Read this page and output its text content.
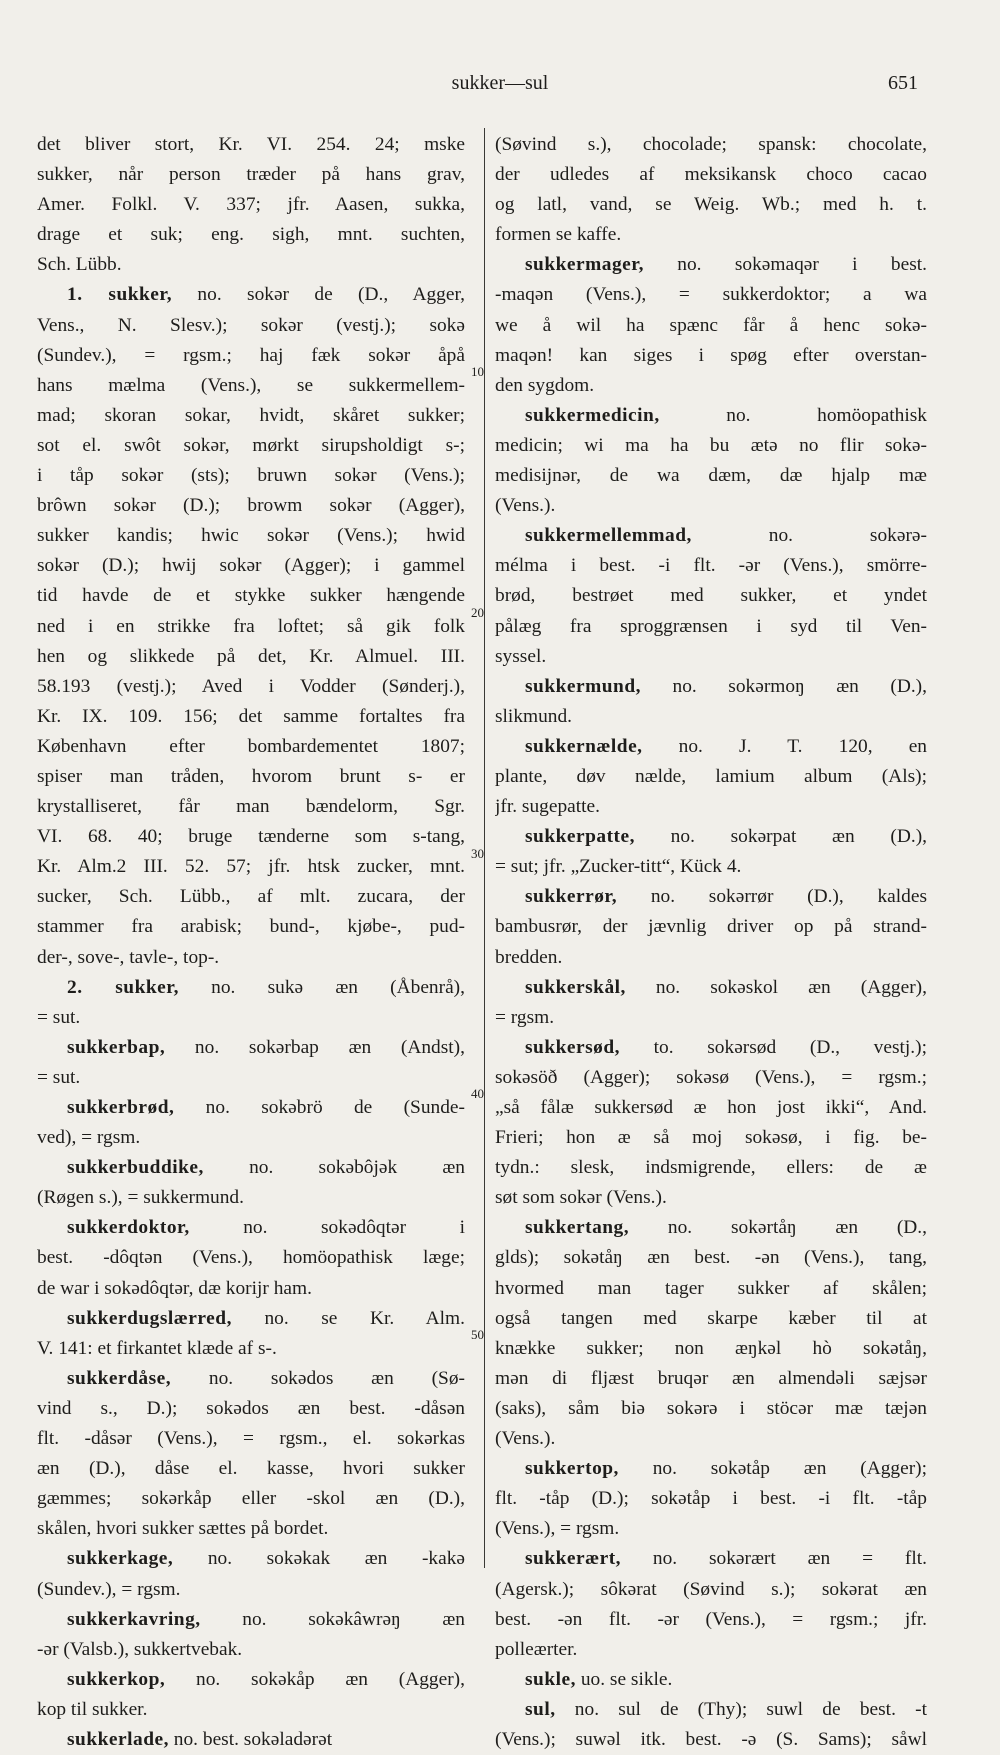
sukker—sul	651
det bliver stort, Kr. VI. 254. 24; mske
sukker, når person træder på hans grav,
Amer. Folkl. V. 337; jfr. Aasen, sukka,
drage et suk; eng. sigh, mnt. suchten,
Sch. Lübb.
1. sukker, no. sokər de (D., Agger,
Vens., N. Slesv.); sokər (vestj.); sokə
(Sundev.), = rgsm.; haj fæk sokər åpå
hans mælma (Vens.), se sukkermellem-
mad; skoran sokar, hvidt, skåret sukker;
sot el. swôt sokər, mørkt sirupsholdigt s-;
i tåp sokər (sts); bruwn sokər (Vens.);
brôwn sokər (D.); browm sokər (Agger),
sukker kandis; hwic sokər (Vens.); hwid
sokər (D.); hwij sokər (Agger); i gammel
tid havde de et stykke sukker hængende
ned i en strikke fra loftet; så gik folk
hen og slikkede på det, Kr. Almuel. III.
58.193 (vestj.); Aved i Vodder (Sønderj.),
Kr. IX. 109. 156; det samme fortaltes fra
København efter bombardementet 1807;
spiser man tråden, hvorom brunt s- er
krystalliseret, får man bændelorm, Sgr.
VI. 68. 40; bruge tænderne som s-tang,
Kr. Alm.2 III. 52. 57; jfr. htsk zucker, mnt.
sucker, Sch. Lübb., af mlt. zucara, der
stammer fra arabisk; bund-, kjøbe-, pud-
der-, sove-, tavle-, top-.
2. sukker, no. sukə æn (Åbenrå),
= sut.
sukkerbap, no. sokərbap æn (Andst),
= sut.
sukkerbrød, no. sokəbrö de (Sunde-
ved), = rgsm.
sukkerbuddike, no. sokəbôjək æn
(Røgen s.), = sukkermund.
sukkerdoktor, no. sokədôqtər i
best. -dôqtən (Vens.), homöopathisk læge;
de war i sokədôqtər, dæ korijr ham.
sukkerdugslærred, no. se Kr. Alm.
V. 141: et firkantet klæde af s-.
sukkerdåse, no. sokədos æn (Sø-
vind s., D.); sokədos æn best. -dåsən
flt. -dåsər (Vens.), = rgsm., el. sokərkas
æn (D.), dåse el. kasse, hvori sukker
gæmmes; sokərkåp eller -skol æn (D.),
skålen, hvori sukker sættes på bordet.
sukkerkage, no. sokəkak æn -kakə
(Sundev.), = rgsm.
sukkerkavring, no. sokəkâwrəŋ æn
-ər (Valsb.), sukkertvebak.
sukkerkop, no. sokəkåp æn (Agger),
kop til sukker.
sukkerlade, no. best. sokəladərət
10
20
30
40
50
(Søvind s.), chocolade; spansk: chocolate,
der udledes af meksikansk choco cacao
og latl, vand, se Weig. Wb.; med h. t.
formen se kaffe.
sukkermager, no. sokəmaqər i best.
-maqən (Vens.), = sukkerdoktor; a wa
we å wil ha spænc får å henc sokə-
maqən! kan siges i spøg efter overstan-
den sygdom.
sukkermedicin, no. homöopathisk
medicin; wi ma ha bu ætə no flir sokə-
medisijnər, de wa dæm, dæ hjalp mæ
(Vens.).
sukkermellemmad, no. sokərə-
mélma i best. -i flt. -ər (Vens.), smörre-
brød, bestrøet med sukker, et yndet
pålæg fra sproggrænsen i syd til Ven-
syssel.
sukkermund, no. sokərmoŋ æn (D.),
slikmund.
sukkernælde, no. J. T. 120, en
plante, døv nælde, lamium album (Als);
jfr. sugepatte.
sukkerpatte, no. sokərpat æn (D.),
= sut; jfr. „Zucker-titt“, Kück 4.
sukkerrør, no. sokərrør (D.), kaldes
bambusrør, der jævnlig driver op på strand-
bredden.
sukkerskål, no. sokəskol æn (Agger),
= rgsm.
sukkersød, to. sokərsød (D., vestj.);
sokəsöð (Agger); sokəsø (Vens.), = rgsm.;
„så fålæ sukkersød æ hon jost ikki“, And.
Frieri; hon æ så moj sokəsø, i fig. be-
tydn.: slesk, indsmigrende, ellers: de æ
søt som sokər (Vens.).
sukkertang, no. sokərtåŋ æn (D.,
glds); sokətåŋ æn best. -ən (Vens.), tang,
hvormed man tager sukker af skålen;
også tangen med skarpe kæber til at
knække sukker; non æŋkəl hò sokətåŋ,
mən di flјæst bruqər æn almendəli sæjsər
(saks), såm biə sokərə i stöcər mæ tæjən
(Vens.).
sukkertop, no. sokətåp æn (Agger);
flt. -tåp (D.); sokətåp i best. -i flt. -tåp
(Vens.), = rgsm.
sukkerært, no. sokərært æn = flt.
(Agersk.); sôkərat (Søvind s.); sokərat æn
best. -ən flt. -ər (Vens.), = rgsm.; jfr.
polleærter.
sukle, uo. se sikle.
sul, no. sul de (Thy); suwl de best. -t
(Vens.); suwəl itk. best. -ə (S. Sams); såwl
